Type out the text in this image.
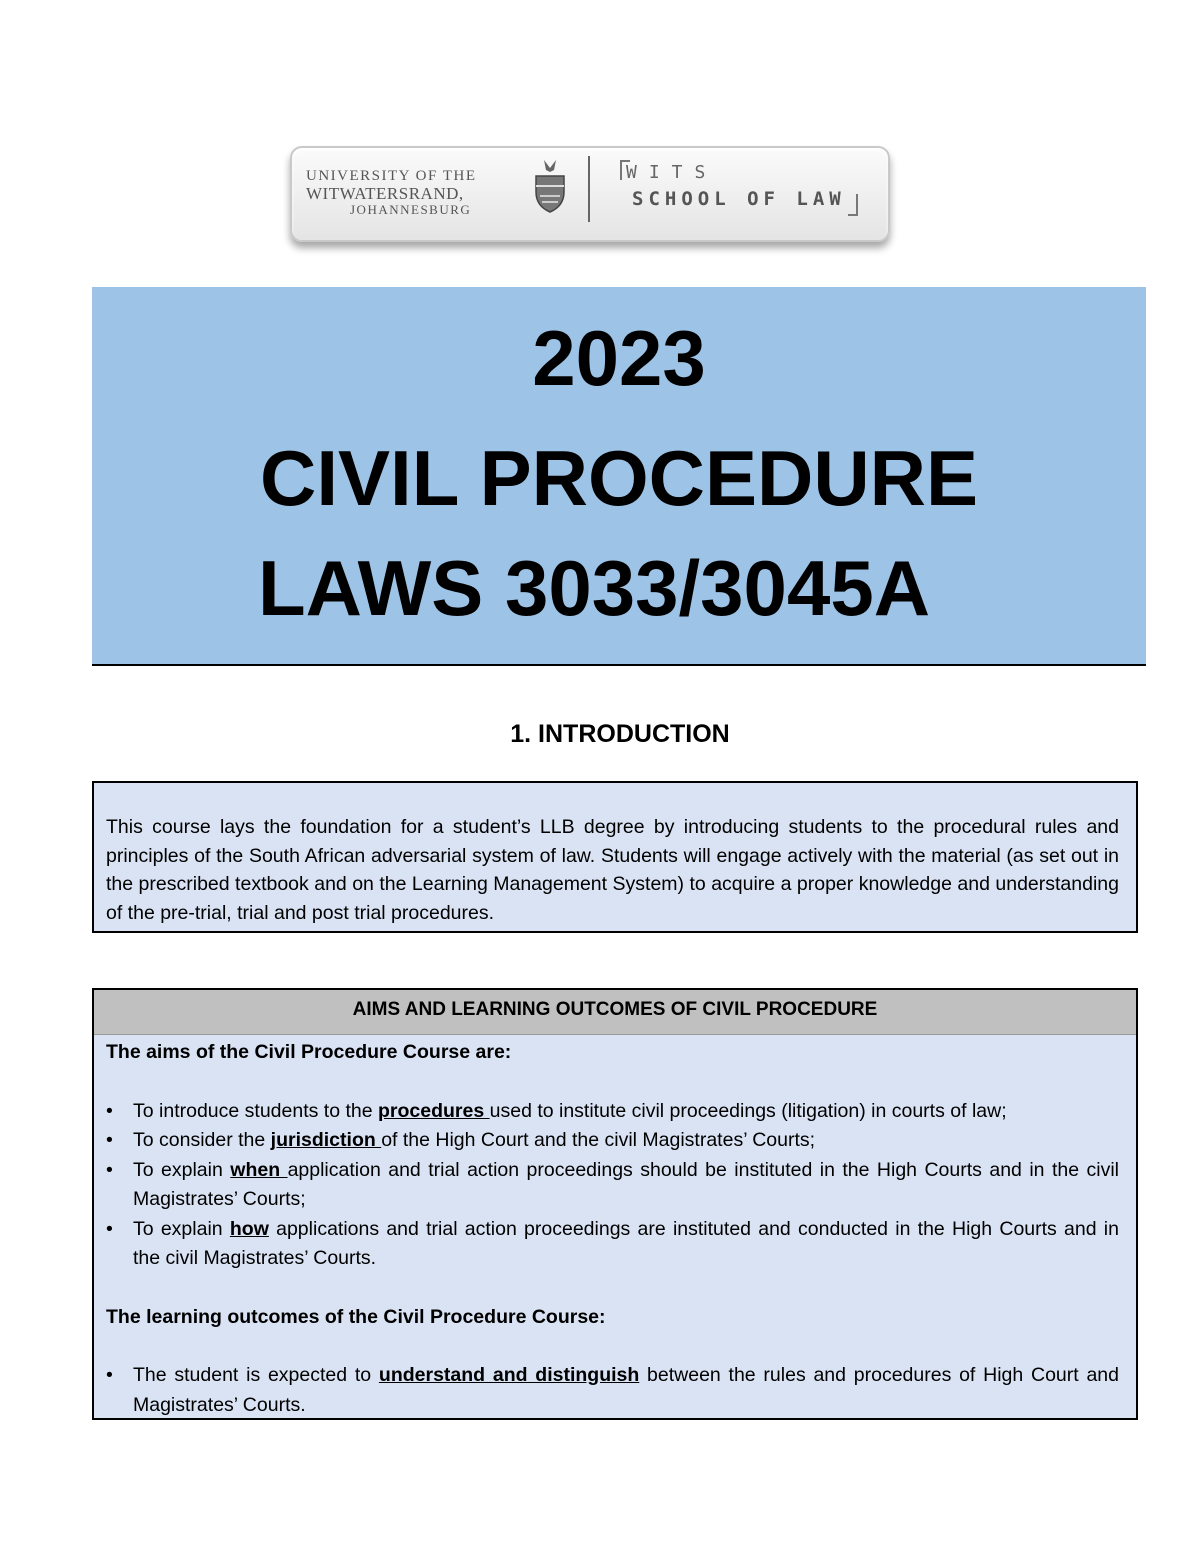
UNIVERSITY OF THE
WITWATERSRAND,
JOHANNESBURG
WITS
SCHOOL OF LAW
2023
CIVIL PROCEDURE
LAWS 3033/3045A
1. INTRODUCTION

This course lays the foundation for a student’s LLB degree by introducing students to the procedural rules and principles of the South African adversarial system of law. Students will engage actively with the material (as set out in the prescribed textbook and on the Learning Management System) to acquire a proper knowledge and understanding of the pre-trial, trial and post trial procedures.

AIMS AND LEARNING OUTCOMES OF CIVIL PROCEDURE

The aims of the Civil Procedure Course are:

• To introduce students to the procedures used to institute civil proceedings (litigation) in courts of law;
• To consider the jurisdiction of the High Court and the civil Magistrates’ Courts;
• To explain when application and trial action proceedings should be instituted in the High Courts and in the civil Magistrates’ Courts;
• To explain how applications and trial action proceedings are instituted and conducted in the High Courts and in the civil Magistrates’ Courts.

The learning outcomes of the Civil Procedure Course:

• The student is expected to understand and distinguish between the rules and procedures of High Court and Magistrates’ Courts.
